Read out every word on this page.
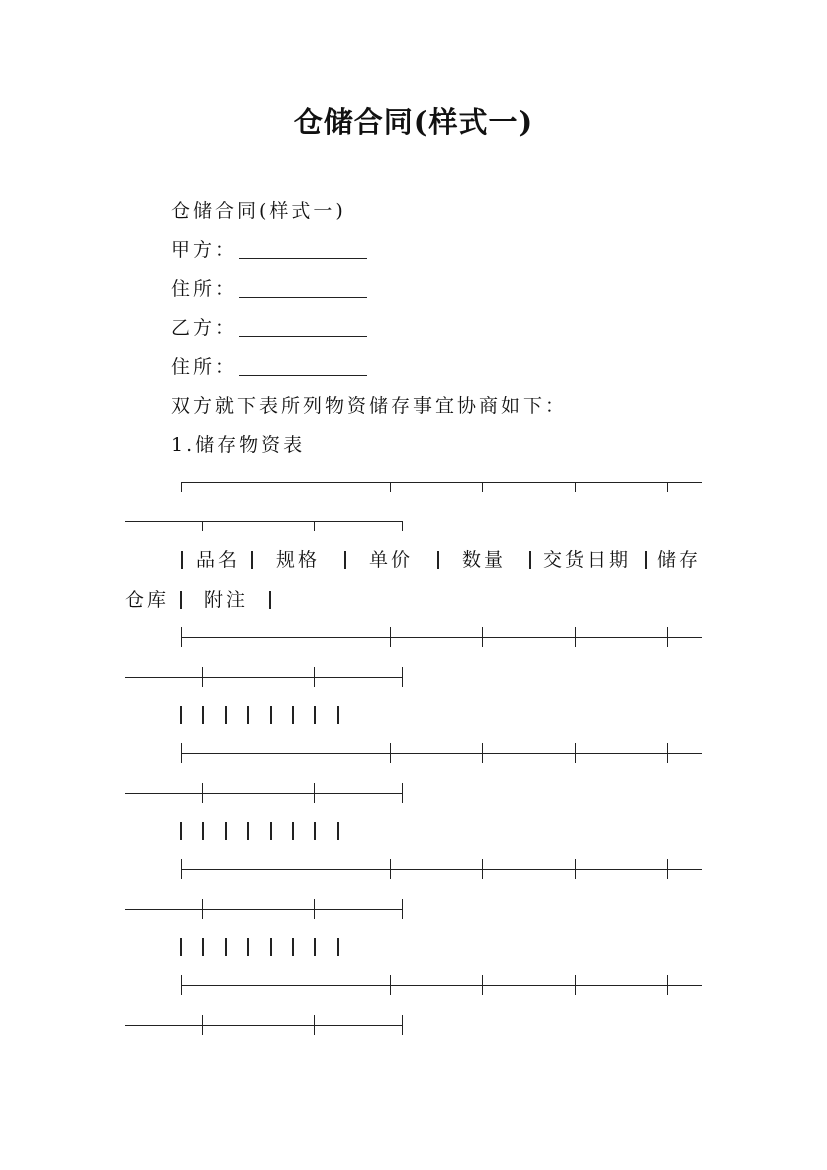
仓储合同(样式一)
仓储合同(样式一)
甲方：
住所：
乙方：
住所：
双方就下表所列物资储存事宜协商如下：
1.储存物资表
品名 规格	单价	数量 交货日期 储存
仓库 附注
